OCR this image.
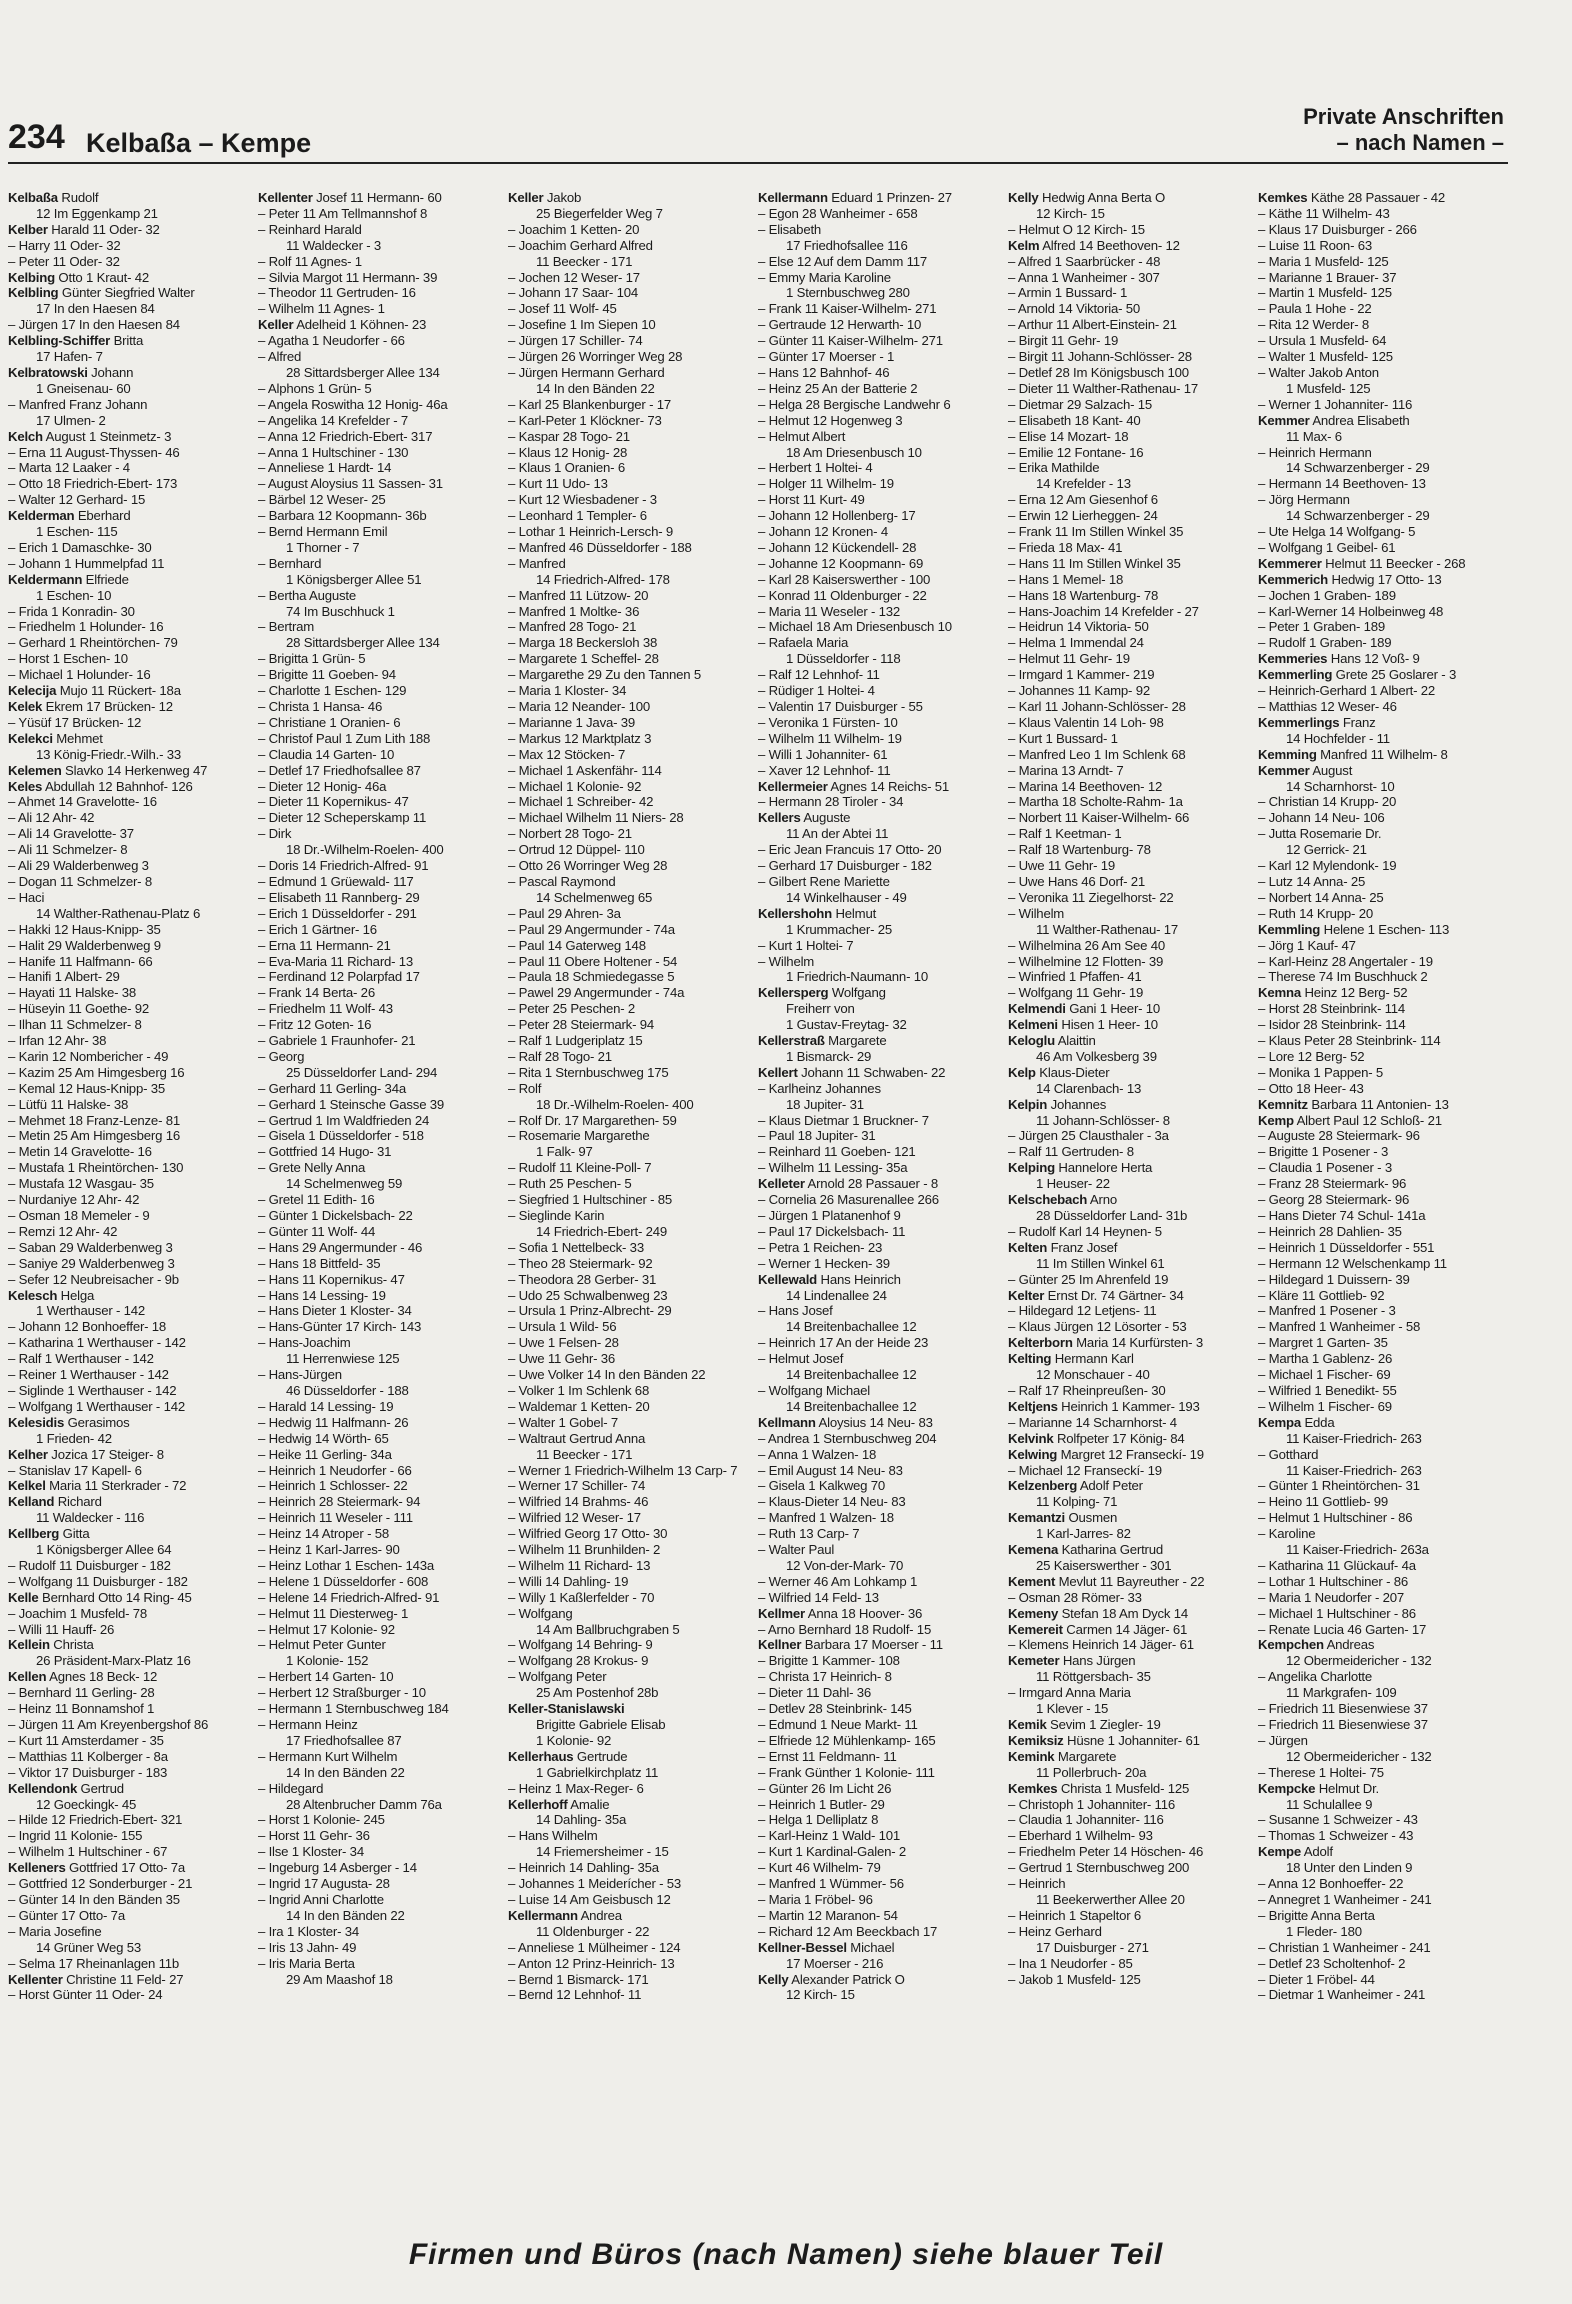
234 Kelbaßa – Kempe
Private Anschriften
– nach Namen –
Kelbaßa Rudolf
12 Im Eggenkamp 21
Kelber Harald 11 Oder- 32
– Harry 11 Oder- 32
– Peter 11 Oder- 32
Kelbing Otto 1 Kraut- 42
Kelbling Günter Siegfried Walter
17 In den Haesen 84
– Jürgen 17 In den Haesen 84
Kelbling-Schiffer Britta
17 Hafen- 7
Kelbratowski Johann
1 Gneisenau- 60
– Manfred Franz Johann
17 Ulmen- 2
Kelch August 1 Steinmetz- 3
– Erna 11 August-Thyssen- 46
– Marta 12 Laaker - 4
– Otto 18 Friedrich-Ebert- 173
– Walter 12 Gerhard- 15
Kelderman Eberhard
1 Eschen- 115
– Erich 1 Damaschke- 30
– Johann 1 Hummelpfad 11
Keldermann Elfriede
1 Eschen- 10
– Frida 1 Konradin- 30
– Friedhelm 1 Holunder- 16
– Gerhard 1 Rheintörchen- 79
– Horst 1 Eschen- 10
– Michael 1 Holunder- 16
Kelecija Mujo 11 Rückert- 18a
Kelek Ekrem 17 Brücken- 12
– Yüsüf 17 Brücken- 12
Kelekci Mehmet
13 König-Friedr.-Wilh.- 33
Kelemen Slavko 14 Herkenweg 47
Keles Abdullah 12 Bahnhof- 126
– Ahmet 14 Gravelotte- 16
– Ali 12 Ahr- 42
– Ali 14 Gravelotte- 37
– Ali 11 Schmelzer- 8
– Ali 29 Walderbenweg 3
– Dogan 11 Schmelzer- 8
– Haci
14 Walther-Rathenau-Platz 6
– Hakki 12 Haus-Knipp- 35
– Halit 29 Walderbenweg 9
– Hanife 11 Halfmann- 66
– Hanifi 1 Albert- 29
– Hayati 11 Halske- 38
– Hüseyin 11 Goethe- 92
– Ilhan 11 Schmelzer- 8
– Irfan 12 Ahr- 38
– Karin 12 Nombericher - 49
– Kazim 25 Am Himgesberg 16
– Kemal 12 Haus-Knipp- 35
– Lütfü 11 Halske- 38
– Mehmet 18 Franz-Lenze- 81
– Metin 25 Am Himgesberg 16
– Metin 14 Gravelotte- 16
– Mustafa 1 Rheintörchen- 130
– Mustafa 12 Wasgau- 35
– Nurdaniye 12 Ahr- 42
– Osman 18 Memeler - 9
– Remzi 12 Ahr- 42
– Saban 29 Walderbenweg 3
– Saniye 29 Walderbenweg 3
– Sefer 12 Neubreisacher - 9b
Kelesch Helga
1 Werthauser - 142
– Johann 12 Bonhoeffer- 18
– Katharina 1 Werthauser - 142
– Ralf 1 Werthauser - 142
– Reiner 1 Werthauser - 142
– Siglinde 1 Werthauser - 142
– Wolfgang 1 Werthauser - 142
Kelesidis Gerasimos
1 Frieden- 42
Kelher Jozica 17 Steiger- 8
– Stanislav 17 Kapell- 6
Kelkel Maria 11 Sterkrader - 72
Kelland Richard
11 Waldecker - 116
Kellberg Gitta
1 Königsberger Allee 64
– Rudolf 11 Duisburger - 182
– Wolfgang 11 Duisburger - 182
Kelle Bernhard Otto 14 Ring- 45
– Joachim 1 Musfeld- 78
– Willi 11 Hauff- 26
Kellein Christa
26 Präsident-Marx-Platz 16
Kellen Agnes 18 Beck- 12
– Bernhard 11 Gerling- 28
– Heinz 11 Bonnamshof 1
– Jürgen 11 Am Kreyenbergshof 86
– Kurt 11 Amsterdamer - 35
– Matthias 11 Kolberger - 8a
– Viktor 17 Duisburger - 183
Kellendonk Gertrud
12 Goeckingk- 45
– Hilde 12 Friedrich-Ebert- 321
– Ingrid 11 Kolonie- 155
– Wilhelm 1 Hultschiner - 67
Kelleners Gottfried 17 Otto- 7a
– Gottfried 12 Sonderburger - 21
– Günter 14 In den Bänden 35
– Günter 17 Otto- 7a
– Maria Josefine
14 Grüner Weg 53
– Selma 17 Rheinanlagen 11b
Kellenter Christine 11 Feld- 27
– Horst Günter 11 Oder- 24
Kellenter Josef 11 Hermann- 60
– Peter 11 Am Tellmannshof 8
– Reinhard Harald
11 Waldecker - 3
– Rolf 11 Agnes- 1
– Silvia Margot 11 Hermann- 39
– Theodor 11 Gertruden- 16
– Wilhelm 11 Agnes- 1
Keller Adelheid 1 Köhnen- 23
– Agatha 1 Neudorfer - 66
– Alfred
28 Sittardsberger Allee 134
– Alphons 1 Grün- 5
– Angela Roswitha 12 Honig- 46a
– Angelika 14 Krefelder - 7
– Anna 12 Friedrich-Ebert- 317
– Anna 1 Hultschiner - 130
– Anneliese 1 Hardt- 14
– August Aloysius 11 Sassen- 31
– Bärbel 12 Weser- 25
– Barbara 12 Koopmann- 36b
– Bernd Hermann Emil
1 Thorner - 7
– Bernhard
1 Königsberger Allee 51
– Bertha Auguste
74 Im Buschhuck 1
– Bertram
28 Sittardsberger Allee 134
– Brigitta 1 Grün- 5
– Brigitte 11 Goeben- 94
– Charlotte 1 Eschen- 129
– Christa 1 Hansa- 46
– Christiane 1 Oranien- 6
– Christof Paul 1 Zum Lith 188
– Claudia 14 Garten- 10
– Detlef 17 Friedhofsallee 87
– Dieter 12 Honig- 46a
– Dieter 11 Kopernikus- 47
– Dieter 12 Scheperskamp 11
– Dirk
18 Dr.-Wilhelm-Roelen- 400
– Doris 14 Friedrich-Alfred- 91
– Edmund 1 Grüewald- 117
– Elisabeth 11 Rannberg- 29
– Erich 1 Düsseldorfer - 291
– Erich 1 Gärtner- 16
– Erna 11 Hermann- 21
– Eva-Maria 11 Richard- 13
– Ferdinand 12 Polarpfad 17
– Frank 14 Berta- 26
– Friedhelm 11 Wolf- 43
– Fritz 12 Goten- 16
– Gabriele 1 Fraunhofer- 21
– Georg
25 Düsseldorfer Land- 294
– Gerhard 11 Gerling- 34a
– Gerhard 1 Steinsche Gasse 39
– Gertrud 1 Im Waldfrieden 24
– Gisela 1 Düsseldorfer - 518
– Gottfried 14 Hugo- 31
– Grete Nelly Anna
14 Schelmenweg 59
– Gretel 11 Edith- 16
– Günter 1 Dickelsbach- 22
– Günter 11 Wolf- 44
– Hans 29 Angermunder - 46
– Hans 18 Bittfeld- 35
– Hans 11 Kopernikus- 47
– Hans 14 Lessing- 19
– Hans Dieter 1 Kloster- 34
– Hans-Günter 17 Kirch- 143
– Hans-Joachim
11 Herrenwiese 125
– Hans-Jürgen
46 Düsseldorfer - 188
– Harald 14 Lessing- 19
– Hedwig 11 Halfmann- 26
– Hedwig 14 Wörth- 65
– Heike 11 Gerling- 34a
– Heinrich 1 Neudorfer - 66
– Heinrich 1 Schlosser- 22
– Heinrich 28 Steiermark- 94
– Heinrich 11 Weseler - 111
– Heinz 14 Atroper - 58
– Heinz 1 Karl-Jarres- 90
– Heinz Lothar 1 Eschen- 143a
– Helene 1 Düsseldorfer - 608
– Helene 14 Friedrich-Alfred- 91
– Helmut 11 Diesterweg- 1
– Helmut 17 Kolonie- 92
– Helmut Peter Gunter
1 Kolonie- 152
– Herbert 14 Garten- 10
– Herbert 12 Straßburger - 10
– Hermann 1 Sternbuschweg 184
– Hermann Heinz
17 Friedhofsallee 87
– Hermann Kurt Wilhelm
14 In den Bänden 22
– Hildegard
28 Altenbrucher Damm 76a
– Horst 1 Kolonie- 245
– Horst 11 Gehr- 36
– Ilse 1 Kloster- 34
– Ingeburg 14 Asberger - 14
– Ingrid 17 Augusta- 28
– Ingrid Anni Charlotte
14 In den Bänden 22
– Ira 1 Kloster- 34
– Iris 13 Jahn- 49
– Iris Maria Berta
29 Am Maashof 18
Keller Jakob
25 Biegerfelder Weg 7
– Joachim 1 Ketten- 20
– Joachim Gerhard Alfred
11 Beecker - 171
– Jochen 12 Weser- 17
– Johann 17 Saar- 104
– Josef 11 Wolf- 45
– Josefine 1 Im Siepen 10
– Jürgen 17 Schiller- 74
– Jürgen 26 Worringer Weg 28
– Jürgen Hermann Gerhard
14 In den Bänden 22
– Karl 25 Blankenburger - 17
– Karl-Peter 1 Klöckner- 73
– Kaspar 28 Togo- 21
– Klaus 12 Honig- 28
– Klaus 1 Oranien- 6
– Kurt 11 Udo- 13
– Kurt 12 Wiesbadener - 3
– Leonhard 1 Templer- 6
– Lothar 1 Heinrich-Lersch- 9
– Manfred 46 Düsseldorfer - 188
– Manfred
14 Friedrich-Alfred- 178
– Manfred 11 Lützow- 20
– Manfred 1 Moltke- 36
– Manfred 28 Togo- 21
– Marga 18 Beckersloh 38
– Margarete 1 Scheffel- 28
– Margarethe 29 Zu den Tannen 5
– Maria 1 Kloster- 34
– Maria 12 Neander- 100
– Marianne 1 Java- 39
– Markus 12 Marktplatz 3
– Max 12 Stöcken- 7
– Michael 1 Askenfähr- 114
– Michael 1 Kolonie- 92
– Michael 1 Schreiber- 42
– Michael Wilhelm 11 Niers- 28
– Norbert 28 Togo- 21
– Ortrud 12 Düppel- 110
– Otto 26 Worringer Weg 28
– Pascal Raymond
14 Schelmenweg 65
– Paul 29 Ahren- 3a
– Paul 29 Angermunder - 74a
– Paul 14 Gaterweg 148
– Paul 11 Obere Holtener - 54
– Paula 18 Schmiedegasse 5
– Pawel 29 Angermunder - 74a
– Peter 25 Peschen- 2
– Peter 28 Steiermark- 94
– Ralf 1 Ludgeriplatz 15
– Ralf 28 Togo- 21
– Rita 1 Sternbuschweg 175
– Rolf
18 Dr.-Wilhelm-Roelen- 400
– Rolf Dr. 17 Margarethen- 59
– Rosemarie Margarethe
1 Falk- 97
– Rudolf 11 Kleine-Poll- 7
– Ruth 25 Peschen- 5
– Siegfried 1 Hultschiner - 85
– Sieglinde Karin
14 Friedrich-Ebert- 249
– Sofia 1 Nettelbeck- 33
– Theo 28 Steiermark- 92
– Theodora 28 Gerber- 31
– Udo 25 Schwalbenweg 23
– Ursula 1 Prinz-Albrecht- 29
– Ursula 1 Wild- 56
– Uwe 1 Felsen- 28
– Uwe 11 Gehr- 36
– Uwe Volker 14 In den Bänden 22
– Volker 1 Im Schlenk 68
– Waldemar 1 Ketten- 20
– Walter 1 Gobel- 7
– Waltraut Gertrud Anna
11 Beecker - 171
– Werner 1 Friedrich-Wilhelm 13 Carp- 7
– Werner 17 Schiller- 74
– Wilfried 14 Brahms- 46
– Wilfried 12 Weser- 17
– Wilfried Georg 17 Otto- 30
– Wilhelm 11 Brunhilden- 2
– Wilhelm 11 Richard- 13
– Willi 14 Dahling- 19
– Willy 1 Kaßlerfelder - 70
– Wolfgang
14 Am Ballbruchgraben 5
– Wolfgang 14 Behring- 9
– Wolfgang 28 Krokus- 9
– Wolfgang Peter
25 Am Postenhof 28b
Keller-Stanislawski
Brigitte Gabriele Elisab
1 Kolonie- 92
Kellerhaus Gertrude
1 Gabrielkirchplatz 11
– Heinz 1 Max-Reger- 6
Kellerhoff Amalie
14 Dahling- 35a
– Hans Wilhelm
14 Friemersheimer - 15
– Heinrich 14 Dahling- 35a
– Johannes 1 Meiderícher - 53
– Luise 14 Am Geisbusch 12
Kellermann Andrea
11 Oldenburger - 22
– Anneliese 1 Mülheimer - 124
– Anton 12 Prinz-Heinrich- 13
– Bernd 1 Bismarck- 171
– Bernd 12 Lehnhof- 11
Kellermann Eduard 1 Prinzen- 27
– Egon 28 Wanheimer - 658
– Elisabeth
17 Friedhofsallee 116
– Else 12 Auf dem Damm 117
– Emmy Maria Karoline
1 Sternbuschweg 280
– Frank 11 Kaiser-Wilhelm- 271
– Gertraude 12 Herwarth- 10
– Günter 11 Kaiser-Wilhelm- 271
– Günter 17 Moerser - 1
– Hans 12 Bahnhof- 46
– Heinz 25 An der Batterie 2
– Helga 28 Bergische Landwehr 6
– Helmut 12 Hogenweg 3
– Helmut Albert
18 Am Driesenbusch 10
– Herbert 1 Holtei- 4
– Holger 11 Wilhelm- 19
– Horst 11 Kurt- 49
– Johann 12 Hollenberg- 17
– Johann 12 Kronen- 4
– Johann 12 Kückendell- 28
– Johanne 12 Koopmann- 69
– Karl 28 Kaiserswerther - 100
– Konrad 11 Oldenburger - 22
– Maria 11 Weseler - 132
– Michael 18 Am Driesenbusch 10
– Rafaela Maria
1 Düsseldorfer - 118
– Ralf 12 Lehnhof- 11
– Rüdiger 1 Holtei- 4
– Valentin 17 Duisburger - 55
– Veronika 1 Fürsten- 10
– Wilhelm 11 Wilhelm- 19
– Willi 1 Johanniter- 61
– Xaver 12 Lehnhof- 11
Kellermeier Agnes 14 Reichs- 51
– Hermann 28 Tiroler - 34
Kellers Auguste
11 An der Abtei 11
– Eric Jean Francuis 17 Otto- 20
– Gerhard 17 Duisburger - 182
– Gilbert Rene Mariette
14 Winkelhauser - 49
Kellershohn Helmut
1 Krummacher- 25
– Kurt 1 Holtei- 7
– Wilhelm
1 Friedrich-Naumann- 10
Kellersperg Wolfgang
Freiherr von
1 Gustav-Freytag- 32
Kellerstraß Margarete
1 Bismarck- 29
Kellert Johann 11 Schwaben- 22
– Karlheinz Johannes
18 Jupiter- 31
– Klaus Dietmar 1 Bruckner- 7
– Paul 18 Jupiter- 31
– Reinhard 11 Goeben- 121
– Wilhelm 11 Lessing- 35a
Kelleter Arnold 28 Passauer - 8
– Cornelia 26 Masurenallee 266
– Jürgen 1 Platanenhof 9
– Paul 17 Dickelsbach- 11
– Petra 1 Reichen- 23
– Werner 1 Hecken- 39
Kellewald Hans Heinrich
14 Lindenallee 24
– Hans Josef
14 Breitenbachallee 12
– Heinrich 17 An der Heide 23
– Helmut Josef
14 Breitenbachallee 12
– Wolfgang Michael
14 Breitenbachallee 12
Kellmann Aloysius 14 Neu- 83
– Andrea 1 Sternbuschweg 204
– Anna 1 Walzen- 18
– Emil August 14 Neu- 83
– Gisela 1 Kalkweg 70
– Klaus-Dieter 14 Neu- 83
– Manfred 1 Walzen- 18
– Ruth 13 Carp- 7
– Walter Paul
12 Von-der-Mark- 70
– Werner 46 Am Lohkamp 1
– Wilfried 14 Feld- 13
Kellmer Anna 18 Hoover- 36
– Arno Bernhard 18 Rudolf- 15
Kellner Barbara 17 Moerser - 11
– Brigitte 1 Kammer- 108
– Christa 17 Heinrich- 8
– Dieter 11 Dahl- 36
– Detlev 28 Steinbrink- 145
– Edmund 1 Neue Markt- 11
– Elfriede 12 Mühlenkamp- 165
– Ernst 11 Feldmann- 11
– Frank Günther 1 Kolonie- 111
– Günter 26 Im Licht 26
– Heinrich 1 Butler- 29
– Helga 1 Delliplatz 8
– Karl-Heinz 1 Wald- 101
– Kurt 1 Kardinal-Galen- 2
– Kurt 46 Wilhelm- 79
– Manfred 1 Wümmer- 56
– Maria 1 Fröbel- 96
– Martin 12 Maranon- 54
– Richard 12 Am Beeckbach 17
Kellner-Bessel Michael
17 Moerser - 216
Kelly Alexander Patrick O
12 Kirch- 15
Kelly Hedwig Anna Berta O
12 Kirch- 15
– Helmut O 12 Kirch- 15
Kelm Alfred 14 Beethoven- 12
– Alfred 1 Saarbrücker - 48
– Anna 1 Wanheimer - 307
– Armin 1 Bussard- 1
– Arnold 14 Viktoria- 50
– Arthur 11 Albert-Einstein- 21
– Birgit 11 Gehr- 19
– Birgit 11 Johann-Schlösser- 28
– Detlef 28 Im Königsbusch 100
– Dieter 11 Walther-Rathenau- 17
– Dietmar 29 Salzach- 15
– Elisabeth 18 Kant- 40
– Elise 14 Mozart- 18
– Emilie 12 Fontane- 16
– Erika Mathilde
14 Krefelder - 13
– Erna 12 Am Giesenhof 6
– Erwin 12 Lierheggen- 24
– Frank 11 Im Stillen Winkel 35
– Frieda 18 Max- 41
– Hans 11 Im Stillen Winkel 35
– Hans 1 Memel- 18
– Hans 18 Wartenburg- 78
– Hans-Joachim 14 Krefelder - 27
– Heidrun 14 Viktoria- 50
– Helma 1 Immendal 24
– Helmut 11 Gehr- 19
– Irmgard 1 Kammer- 219
– Johannes 11 Kamp- 92
– Karl 11 Johann-Schlösser- 28
– Klaus Valentin 14 Loh- 98
– Kurt 1 Bussard- 1
– Manfred Leo 1 Im Schlenk 68
– Marina 13 Arndt- 7
– Marina 14 Beethoven- 12
– Martha 18 Scholte-Rahm- 1a
– Norbert 11 Kaiser-Wilhelm- 66
– Ralf 1 Keetman- 1
– Ralf 18 Wartenburg- 78
– Uwe 11 Gehr- 19
– Uwe Hans 46 Dorf- 21
– Veronika 11 Ziegelhorst- 22
– Wilhelm
11 Walther-Rathenau- 17
– Wilhelmina 26 Am See 40
– Wilhelmine 12 Flotten- 39
– Winfried 1 Pfaffen- 41
– Wolfgang 11 Gehr- 19
Kelmendi Gani 1 Heer- 10
Kelmeni Hisen 1 Heer- 10
Keloglu Alaittin
46 Am Volkesberg 39
Kelp Klaus-Dieter
14 Clarenbach- 13
Kelpin Johannes
11 Johann-Schlösser- 8
– Jürgen 25 Clausthaler - 3a
– Ralf 11 Gertruden- 8
Kelping Hannelore Herta
1 Heuser- 22
Kelschebach Arno
28 Düsseldorfer Land- 31b
– Rudolf Karl 14 Heynen- 5
Kelten Franz Josef
11 Im Stillen Winkel 61
– Günter 25 Im Ahrenfeld 19
Kelter Ernst Dr. 74 Gärtner- 34
– Hildegard 12 Letjens- 11
– Klaus Jürgen 12 Lösorter - 53
Kelterborn Maria 14 Kurfürsten- 3
Kelting Hermann Karl
12 Monschauer - 40
– Ralf 17 Rheinpreußen- 30
Keltjens Heinrich 1 Kammer- 193
– Marianne 14 Scharnhorst- 4
Kelvink Rolfpeter 17 König- 84
Kelwing Margret 12 Franseckí- 19
– Michael 12 Franseckí- 19
Kelzenberg Adolf Peter
11 Kolping- 71
Kemantzi Ousmen
1 Karl-Jarres- 82
Kemena Katharina Gertrud
25 Kaiserswerther - 301
Kement Mevlut 11 Bayreuther - 22
– Osman 28 Römer- 33
Kemeny Stefan 18 Am Dyck 14
Kemereit Carmen 14 Jäger- 61
– Klemens Heinrich 14 Jäger- 61
Kemeter Hans Jürgen
11 Röttgersbach- 35
– Irmgard Anna Maria
1 Klever - 15
Kemik Sevim 1 Ziegler- 19
Kemiksiz Hüsne 1 Johanniter- 61
Kemink Margarete
11 Pollerbruch- 20a
Kemkes Christa 1 Musfeld- 125
– Christoph 1 Johanniter- 116
– Claudia 1 Johanniter- 116
– Eberhard 1 Wilhelm- 93
– Friedhelm Peter 14 Höschen- 46
– Gertrud 1 Sternbuschweg 200
– Heinrich
11 Beekerwerther Allee 20
– Heinrich 1 Stapeltor 6
– Heinz Gerhard
17 Duisburger - 271
– Ina 1 Neudorfer - 85
– Jakob 1 Musfeld- 125
Kemkes Käthe 28 Passauer - 42
– Käthe 11 Wilhelm- 43
– Klaus 17 Duisburger - 266
– Luise 11 Roon- 63
– Maria 1 Musfeld- 125
– Marianne 1 Brauer- 37
– Martin 1 Musfeld- 125
– Paula 1 Hohe - 22
– Rita 12 Werder- 8
– Ursula 1 Musfeld- 64
– Walter 1 Musfeld- 125
– Walter Jakob Anton
1 Musfeld- 125
– Werner 1 Johanniter- 116
Kemmer Andrea Elisabeth
11 Max- 6
– Heinrich Hermann
14 Schwarzenberger - 29
– Hermann 14 Beethoven- 13
– Jörg Hermann
14 Schwarzenberger - 29
– Ute Helga 14 Wolfgang- 5
– Wolfgang 1 Geibel- 61
Kemmerer Helmut 11 Beecker - 268
Kemmerich Hedwig 17 Otto- 13
– Jochen 1 Graben- 189
– Karl-Werner 14 Holbeinweg 48
– Peter 1 Graben- 189
– Rudolf 1 Graben- 189
Kemmeries Hans 12 Voß- 9
Kemmerling Grete 25 Goslarer - 3
– Heinrich-Gerhard 1 Albert- 22
– Matthias 12 Weser- 46
Kemmerlings Franz
14 Hochfelder - 11
Kemming Manfred 11 Wilhelm- 8
Kemmer August
14 Scharnhorst- 10
– Christian 14 Krupp- 20
– Johann 14 Neu- 106
– Jutta Rosemarie Dr.
12 Gerrick- 21
– Karl 12 Mylendonk- 19
– Lutz 14 Anna- 25
– Norbert 14 Anna- 25
– Ruth 14 Krupp- 20
Kemmling Helene 1 Eschen- 113
– Jörg 1 Kauf- 47
– Karl-Heinz 28 Angertaler - 19
– Therese 74 Im Buschhuck 2
Kemna Heinz 12 Berg- 52
– Horst 28 Steinbrink- 114
– Isidor 28 Steinbrink- 114
– Klaus Peter 28 Steinbrink- 114
– Lore 12 Berg- 52
– Monika 1 Pappen- 5
– Otto 18 Heer- 43
Kemnitz Barbara 11 Antonien- 13
Kemp Albert Paul 12 Schloß- 21
– Auguste 28 Steiermark- 96
– Brigitte 1 Posener - 3
– Claudia 1 Posener - 3
– Franz 28 Steiermark- 96
– Georg 28 Steiermark- 96
– Hans Dieter 74 Schul- 141a
– Heinrich 28 Dahlien- 35
– Heinrich 1 Düsseldorfer - 551
– Hermann 12 Welschenkamp 11
– Hildegard 1 Duissern- 39
– Kläre 11 Gottlieb- 92
– Manfred 1 Posener - 3
– Manfred 1 Wanheimer - 58
– Margret 1 Garten- 35
– Martha 1 Gablenz- 26
– Michael 1 Fischer- 69
– Wilfried 1 Benedikt- 55
– Wilhelm 1 Fischer- 69
Kempa Edda
11 Kaiser-Friedrich- 263
– Gotthard
11 Kaiser-Friedrich- 263
– Günter 1 Rheintörchen- 31
– Heino 11 Gottlieb- 99
– Helmut 1 Hultschiner - 86
– Karoline
11 Kaiser-Friedrich- 263a
– Katharina 11 Glückauf- 4a
– Lothar 1 Hultschiner - 86
– Maria 1 Neudorfer - 207
– Michael 1 Hultschiner - 86
– Renate Lucia 46 Garten- 17
Kempchen Andreas
12 Obermeidericher - 132
– Angelika Charlotte
11 Markgrafen- 109
– Friedrich 11 Biesenwiese 37
– Friedrich 11 Biesenwiese 37
– Jürgen
12 Obermeidericher - 132
– Therese 1 Holtei- 75
Kempcke Helmut Dr.
11 Schulallee 9
– Susanne 1 Schweizer - 43
– Thomas 1 Schweizer - 43
Kempe Adolf
18 Unter den Linden 9
– Anna 12 Bonhoeffer- 22
– Annegret 1 Wanheimer - 241
– Brigitte Anna Berta
1 Fleder- 180
– Christian 1 Wanheimer - 241
– Detlef 23 Scholtenhof- 2
– Dieter 1 Fröbel- 44
– Dietmar 1 Wanheimer - 241
Firmen und Büros (nach Namen) siehe blauer Teil
